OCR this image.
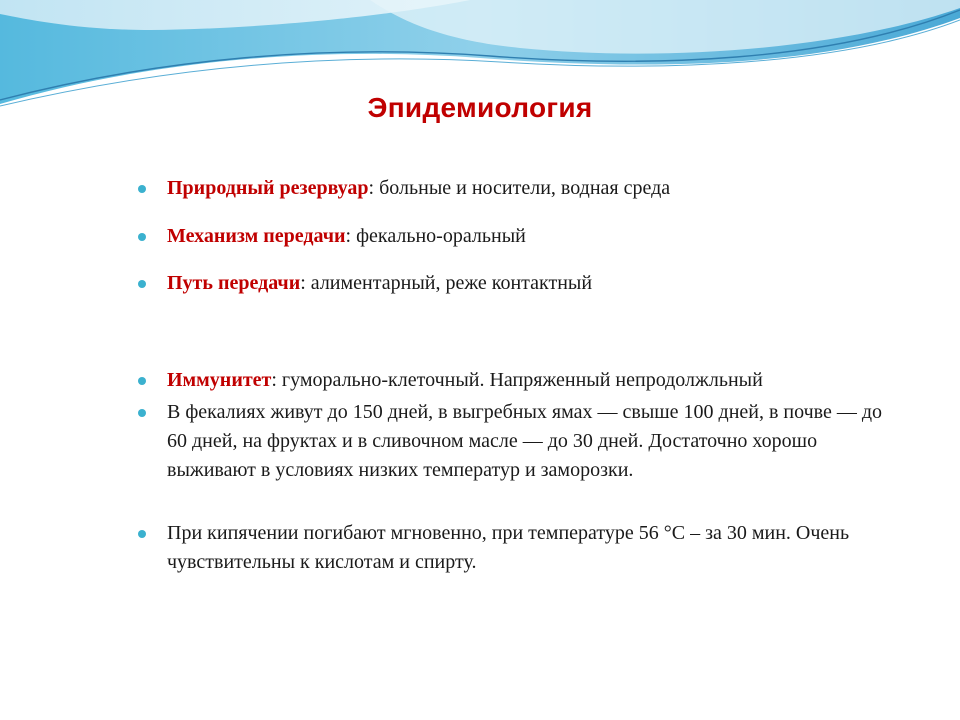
Эпидемиология
Природный резервуар: больные и носители, водная среда
Механизм передачи: фекально-оральный
Путь передачи: алиментарный, реже контактный
Иммунитет: гуморально-клеточный. Напряженный непродолжльный
В фекалиях живут до 150 дней, в выгребных ямах — свыше 100 дней, в почве — до 60 дней, на фруктах и в сливочном масле — до 30 дней. Достаточно хорошо выживают в условиях низких температур и заморозки.
При кипячении погибают мгновенно, при температуре 56 °С – за 30 мин. Очень чувствительны к кислотам и спирту.
